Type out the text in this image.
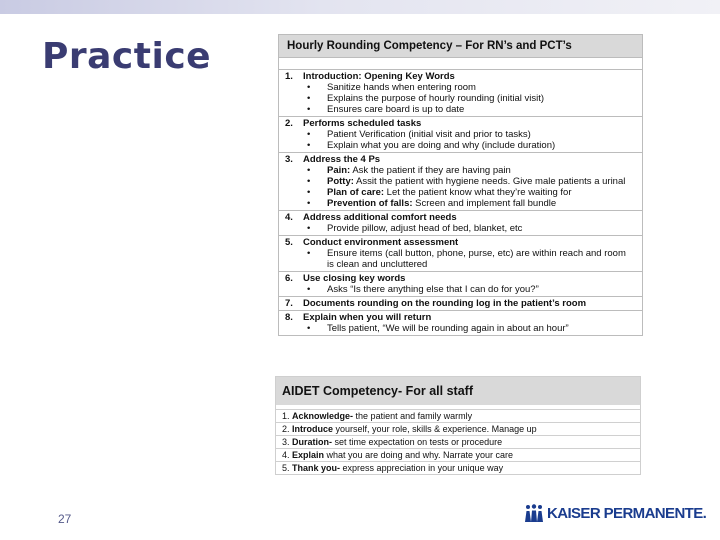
Practice	Hourly Rounding Competency – For RN’s and PCT’s
1.	Introduction: Opening Key Words
•	Sanitize hands when entering room
•	Explains the purpose of hourly rounding (initial visit)
•	Ensures care board is up to date
2.	Performs scheduled tasks
•	Patient Verification (initial visit and prior to tasks)
•	Explain what you are doing and why (include duration)
3.	Address the 4 Ps
•	Pain: Ask the patient if they are having pain
•	Potty: Assit the patient with hygiene needs. Give male patients a urinal
•	Plan of care: Let the patient know what they’re waiting for
•	Prevention of falls: Screen and implement fall bundle
4.	Address additional comfort needs
•	Provide pillow, adjust head of bed, blanket, etc
5.	Conduct environment assessment
•	Ensure items (call button, phone, purse, etc) are within reach and room is clean and uncluttered
6.	Use closing key words
•	Asks “Is there anything else that I can do for you?”
7.	Documents rounding on the rounding log in the patient’s room
8.	Explain when you will return
•	Tells patient, “We will be rounding again in about an hour”
AIDET Competency- For all staff
1. Acknowledge- the patient and family warmly
2. Introduce yourself, your role, skills & experience. Manage up
3. Duration- set time expectation on tests or procedure
4. Explain what you are doing and why. Narrate your care
5. Thank you- express appreciation in your unique way
27	KAISER PERMANENTE.
